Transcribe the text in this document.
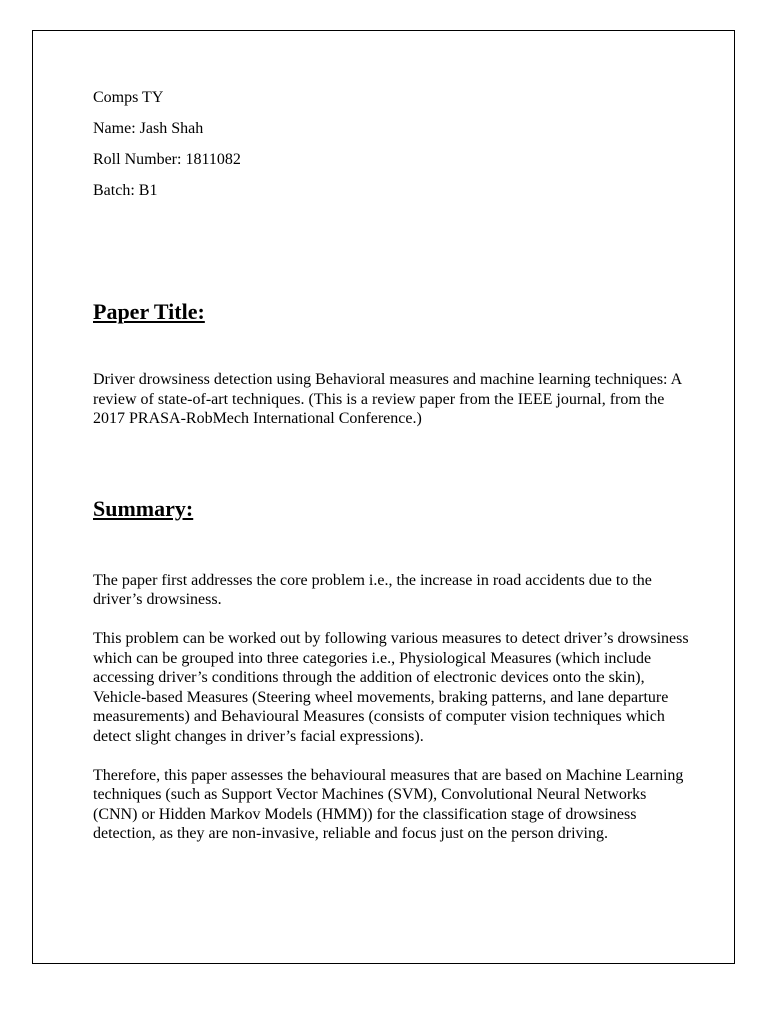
Comps TY

Name: Jash Shah

Roll Number: 1811082

Batch: B1

Paper Title:

Driver drowsiness detection using Behavioral measures and machine learning techniques: A review of state-of-art techniques. (This is a review paper from the IEEE journal, from the 2017 PRASA-RobMech International Conference.)

Summary:

The paper first addresses the core problem i.e., the increase in road accidents due to the driver’s drowsiness.

This problem can be worked out by following various measures to detect driver’s drowsiness which can be grouped into three categories i.e., Physiological Measures (which include accessing driver’s conditions through the addition of electronic devices onto the skin), Vehicle-based Measures (Steering wheel movements, braking patterns, and lane departure measurements) and Behavioural Measures (consists of computer vision techniques which detect slight changes in driver’s facial expressions).

Therefore, this paper assesses the behavioural measures that are based on Machine Learning techniques (such as Support Vector Machines (SVM), Convolutional Neural Networks (CNN) or Hidden Markov Models (HMM)) for the classification stage of drowsiness detection, as they are non-invasive, reliable and focus just on the person driving.
